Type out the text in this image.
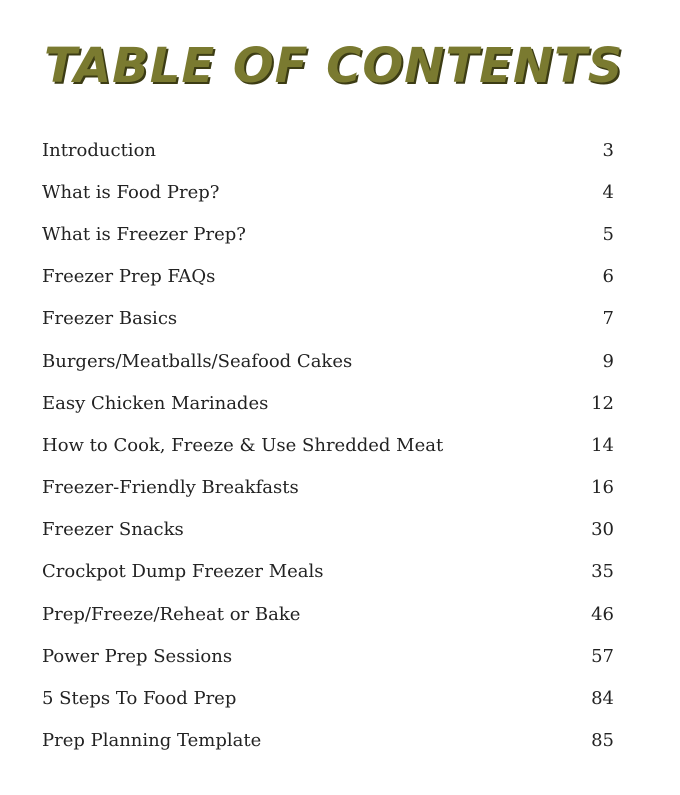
TABLE OF CONTENTS
Introduction	3
What is Food Prep?	4
What is Freezer Prep?	5
Freezer Prep FAQs	6
Freezer Basics	7
Burgers/Meatballs/Seafood Cakes	9
Easy Chicken Marinades	12
How to Cook, Freeze & Use Shredded Meat	14
Freezer-Friendly Breakfasts	16
Freezer Snacks	30
Crockpot Dump Freezer Meals	35
Prep/Freeze/Reheat or Bake	46
Power Prep Sessions	57
5 Steps To Food Prep	84
Prep Planning Template	85
